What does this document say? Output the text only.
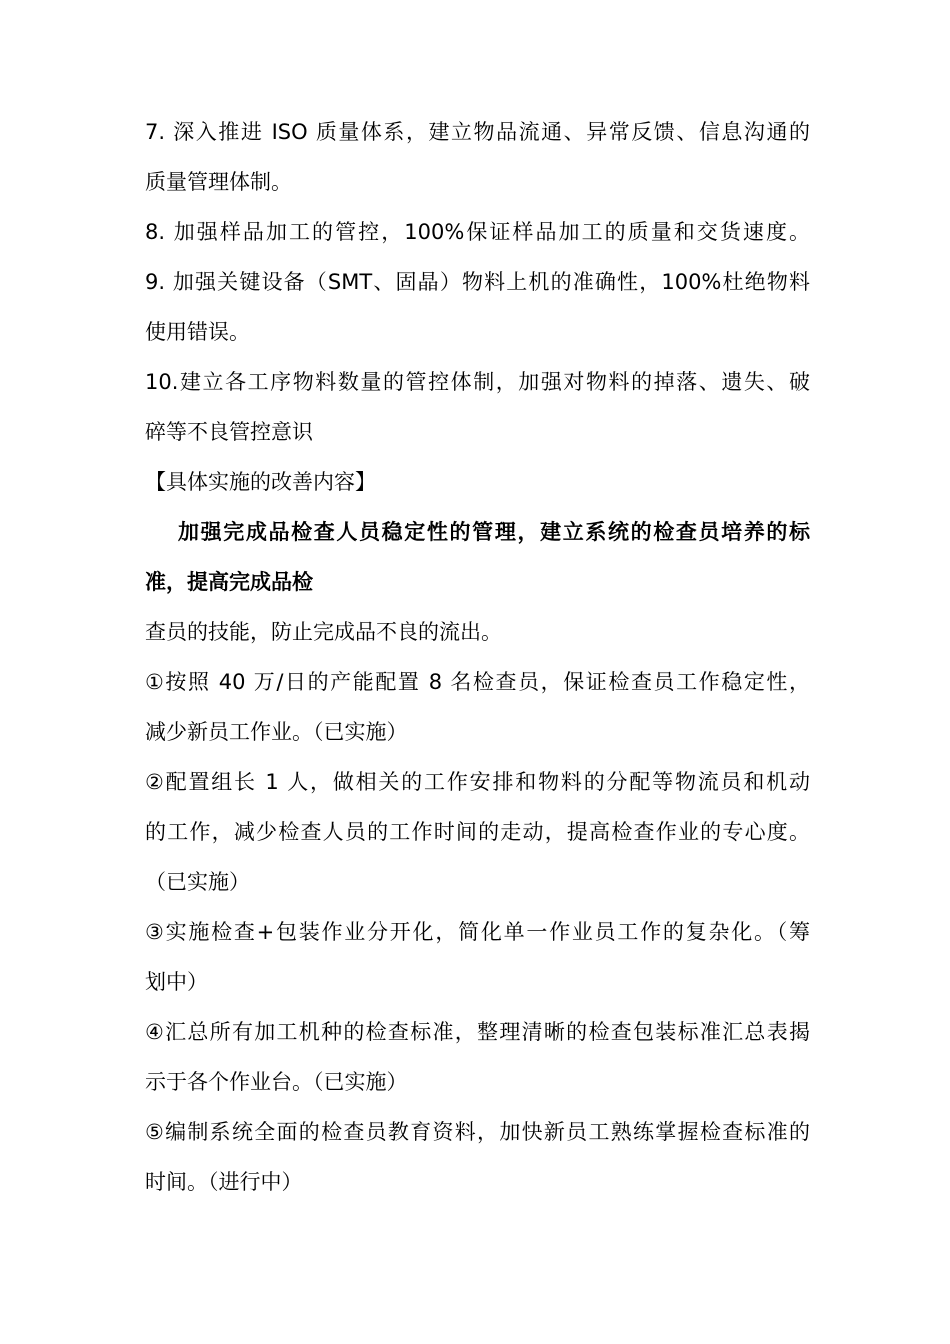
7. 深入推进 ISO 质量体系，建立物品流通、异常反馈、信息沟通的
质量管理体制。
8. 加强样品加工的管控，100%保证样品加工的质量和交货速度。
9. 加强关键设备（SMT、固晶）物料上机的准确性，100%杜绝物料
使用错误。
10.建立各工序物料数量的管控体制，加强对物料的掉落、遗失、破
碎等不良管控意识
【具体实施的改善内容】
加强完成品检查人员稳定性的管理，建立系统的检查员培养的标
准，提高完成品检
查员的技能，防止完成品不良的流出。
①按照 40 万/日的产能配置 8 名检查员，保证检查员工作稳定性，
减少新员工作业。（已实施）
②配置组长 1 人，做相关的工作安排和物料的分配等物流员和机动
的工作，减少检查人员的工作时间的走动，提高检查作业的专心度。
（已实施）
③实施检查+包装作业分开化，简化单一作业员工作的复杂化。（筹
划中）
④汇总所有加工机种的检查标准，整理清晰的检查包装标准汇总表揭
示于各个作业台。（已实施）
⑤编制系统全面的检查员教育资料，加快新员工熟练掌握检查标准的
时间。（进行中）
